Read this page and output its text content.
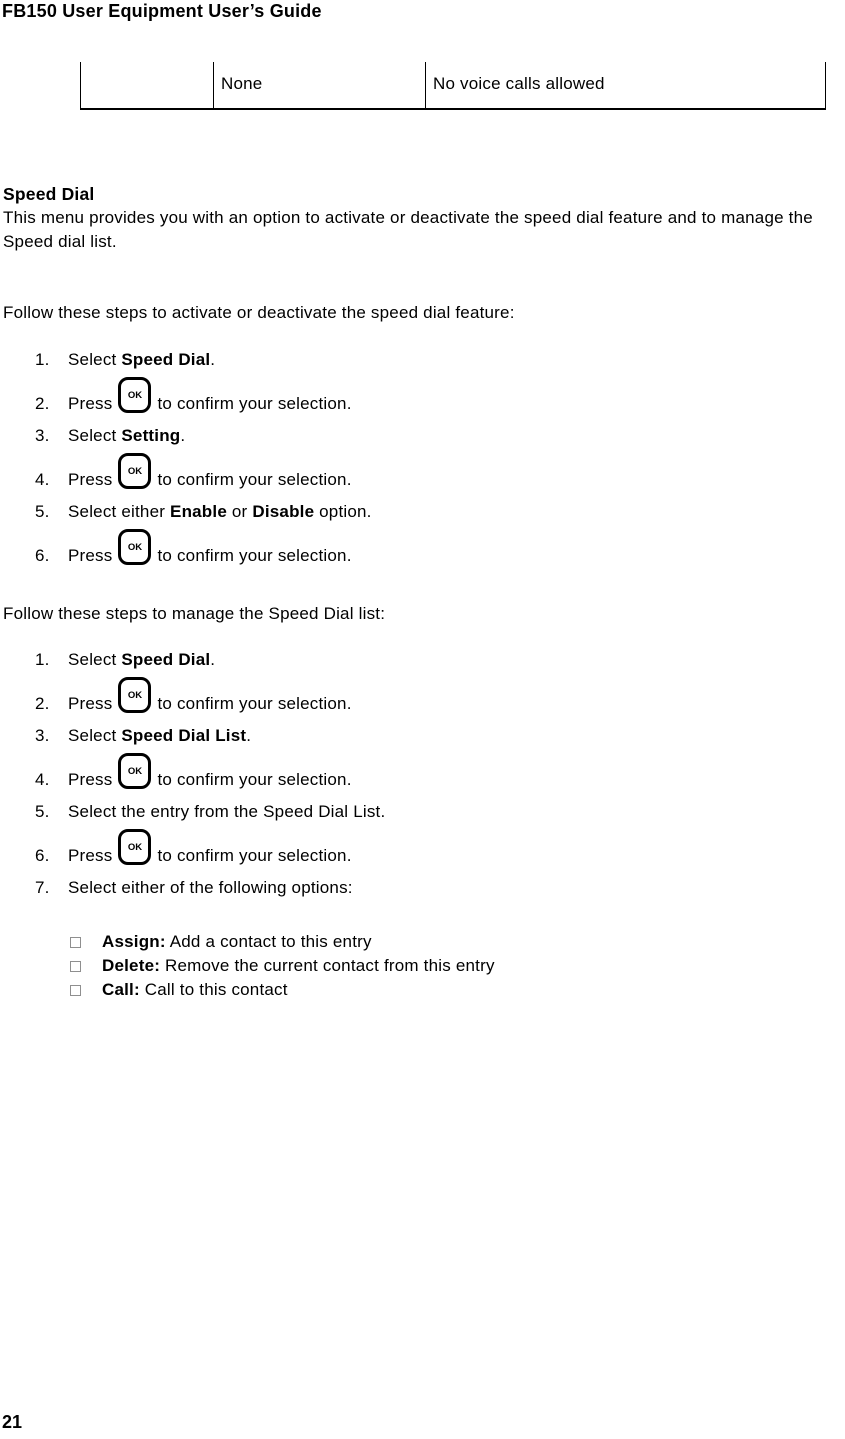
FB150 User Equipment User’s Guide
None	No voice calls allowed
Speed Dial
This menu provides you with an option to activate or deactivate the speed dial feature and to manage the Speed dial list.
Follow these steps to activate or deactivate the speed dial feature:
1.	Select Speed Dial.
2.	Press	OK to confirm your selection.
3.	Select Setting.
4.	Press	OK to confirm your selection.
5.	Select either Enable or Disable option.
6.	Press	OK to confirm your selection.
Follow these steps to manage the Speed Dial list:
1.	Select Speed Dial.
2.	Press	OK to confirm your selection.
3.	Select Speed Dial List.
4.	Press	OK to confirm your selection.
5.	Select the entry from the Speed Dial List.
6.	Press	OK to confirm your selection.
7.	Select either of the following options:
Assign: Add a contact to this entry
Delete: Remove the current contact from this entry
Call: Call to this contact
21
